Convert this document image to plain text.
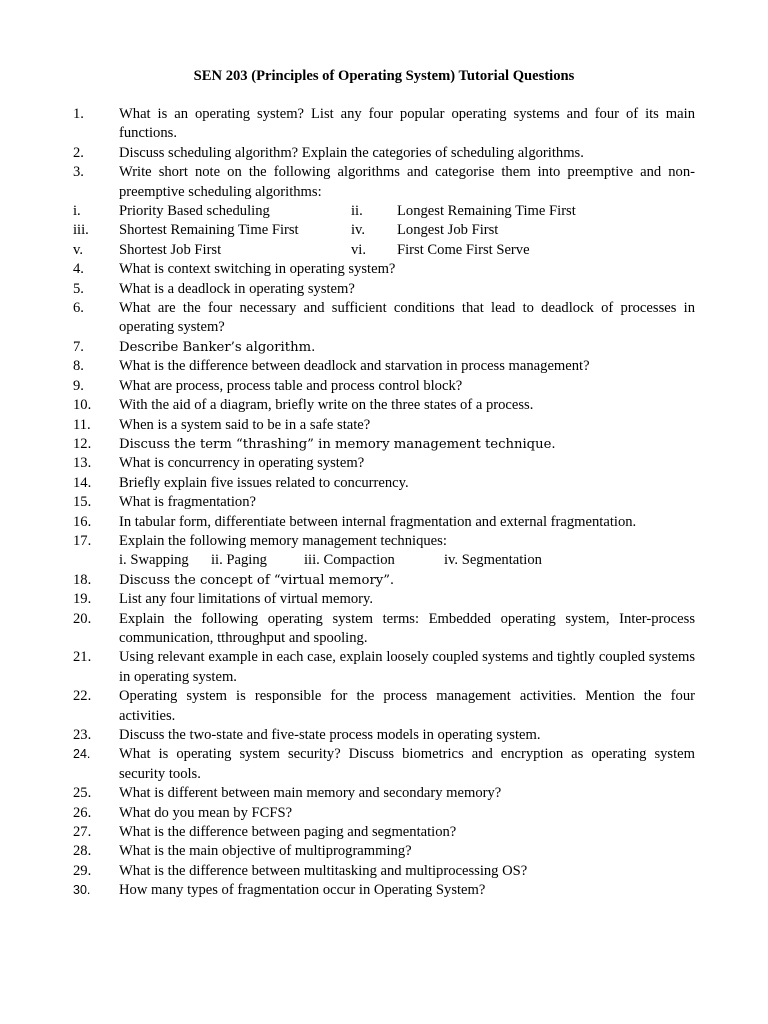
SEN 203 (Principles of Operating System) Tutorial Questions
1.	What is an operating system? List any four popular operating systems and four of its main functions.
2.	Discuss scheduling algorithm? Explain the categories of scheduling algorithms.
3.	Write short note on the following algorithms and categorise them into preemptive and non-preemptive scheduling algorithms:
i.	Priority Based scheduling	ii.	Longest Remaining Time First
iii.	Shortest Remaining Time First	iv.	Longest Job First
v.	Shortest Job First	vi.	First Come First Serve
4.	What is context switching in operating system?
5.	What is a deadlock in operating system?
6.	What are the four necessary and sufficient conditions that lead to deadlock of processes in operating system?
7.	Describe Banker’s algorithm.
8.	What is the difference between deadlock and starvation in process management?
9.	What are process, process table and process control block?
10.	With the aid of a diagram, briefly write on the three states of a process.
11.	When is a system said to be in a safe state?
12.	Discuss the term “thrashing” in memory management technique.
13.	What is concurrency in operating system?
14.	Briefly explain five issues related to concurrency.
15.	What is fragmentation?
16.	In tabular form, differentiate between internal fragmentation and external fragmentation.
17.	Explain the following memory management techniques:
i. Swapping	ii. Paging	iii. Compaction	iv. Segmentation
18.	Discuss the concept of “virtual memory”.
19.	List any four limitations of virtual memory.
20.	Explain the following operating system terms: Embedded operating system, Inter-process communication, tthroughput and spooling.
21.	Using relevant example in each case, explain loosely coupled systems and tightly coupled systems in operating system.
22.	Operating system is responsible for the process management activities. Mention the four activities.
23.	Discuss the two-state and five-state process models in operating system.
24.	What is operating system security? Discuss biometrics and encryption as operating system security tools.
25.	What is different between main memory and secondary memory?
26.	What do you mean by FCFS?
27.	What is the difference between paging and segmentation?
28.	What is the main objective of multiprogramming?
29.	What is the difference between multitasking and multiprocessing OS?
30.	How many types of fragmentation occur in Operating System?
